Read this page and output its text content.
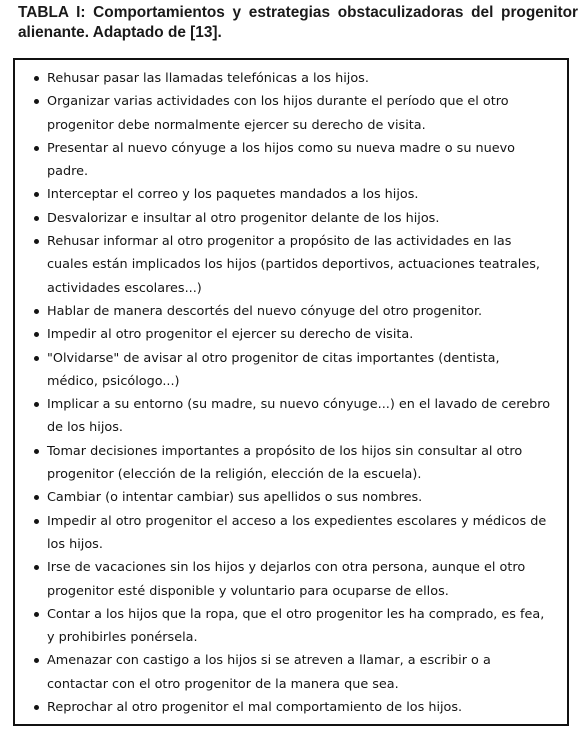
TABLA I: Comportamientos y estrategias obstaculizadoras del progenitor alienante. Adaptado de [13].

Rehusar pasar las llamadas telefónicas a los hijos.
Organizar varias actividades con los hijos durante el período que el otro progenitor debe normalmente ejercer su derecho de visita.
Presentar al nuevo cónyuge a los hijos como su nueva madre o su nuevo padre.
Interceptar el correo y los paquetes mandados a los hijos.
Desvalorizar e insultar al otro progenitor delante de los hijos.
Rehusar informar al otro progenitor a propósito de las actividades en las cuales están implicados los hijos (partidos deportivos, actuaciones teatrales, actividades escolares...)
Hablar de manera descortés del nuevo cónyuge del otro progenitor.
Impedir al otro progenitor el ejercer su derecho de visita.
"Olvidarse" de avisar al otro progenitor de citas importantes (dentista, médico, psicólogo...)
Implicar a su entorno (su madre, su nuevo cónyuge...) en el lavado de cerebro de los hijos.
Tomar decisiones importantes a propósito de los hijos sin consultar al otro progenitor (elección de la religión, elección de la escuela).
Cambiar (o intentar cambiar) sus apellidos o sus nombres.
Impedir al otro progenitor el acceso a los expedientes escolares y médicos de los hijos.
Irse de vacaciones sin los hijos y dejarlos con otra persona, aunque el otro progenitor esté disponible y voluntario para ocuparse de ellos.
Contar a los hijos que la ropa, que el otro progenitor les ha comprado, es fea, y prohibirles ponérsela.
Amenazar con castigo a los hijos si se atreven a llamar, a escribir o a contactar con el otro progenitor de la manera que sea.
Reprochar al otro progenitor el mal comportamiento de los hijos.
